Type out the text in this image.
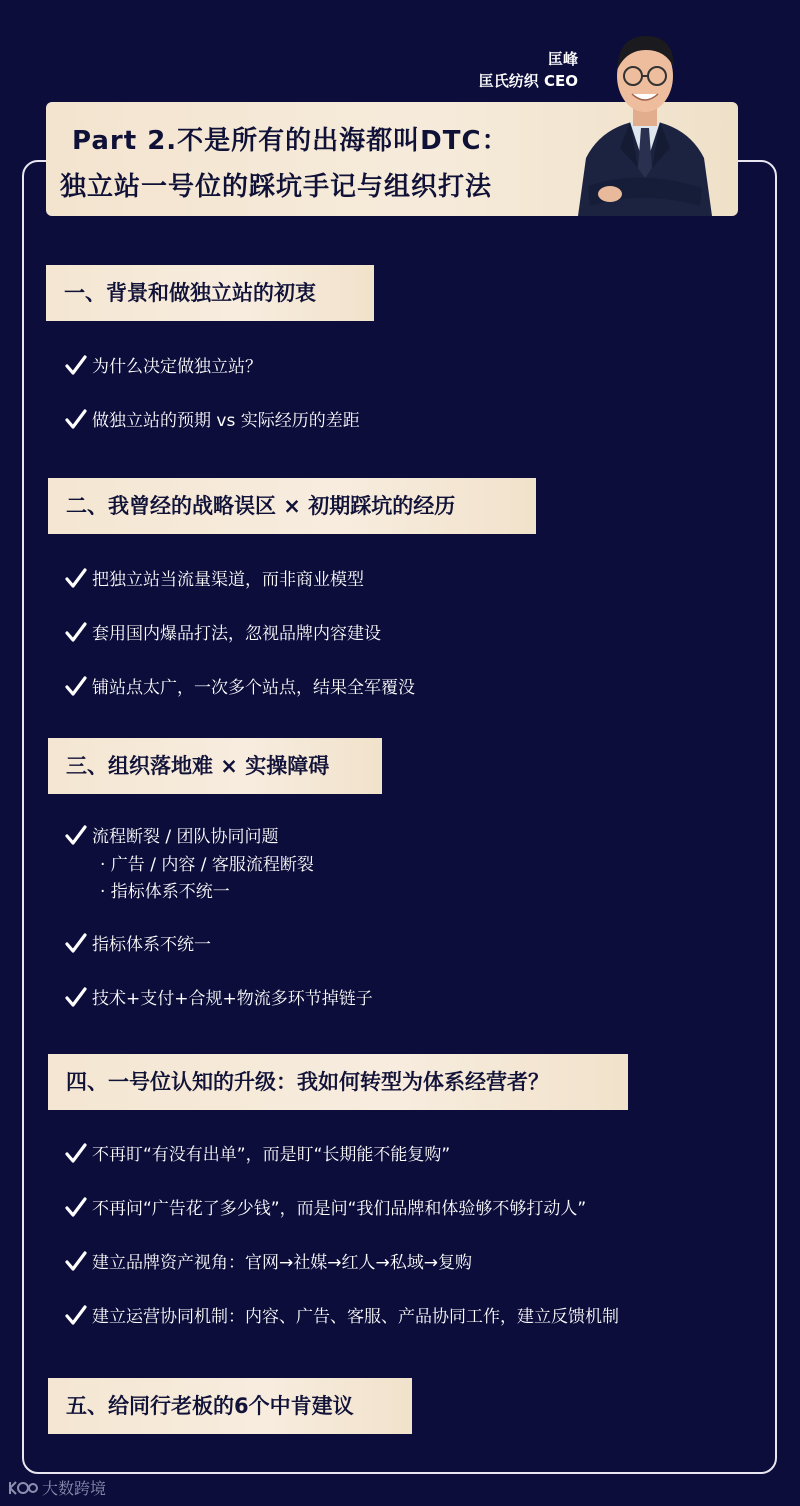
Part 2.不是所有的出海都叫DTC：
独立站一号位的踩坑手记与组织打法
匡峰
匡氏纺织 CEO
一、背景和做独立站的初衷
为什么决定做独立站？
做独立站的预期 vs 实际经历的差距
二、我曾经的战略误区 × 初期踩坑的经历
把独立站当流量渠道，而非商业模型
套用国内爆品打法，忽视品牌内容建设
铺站点太广，一次多个站点，结果全军覆没
三、组织落地难 × 实操障碍
流程断裂 / 团队协同问题
· 广告 / 内容 / 客服流程断裂
· 指标体系不统一
指标体系不统一
技术+支付+合规+物流多环节掉链子
四、一号位认知的升级：我如何转型为体系经营者？
不再盯“有没有出单”，而是盯“长期能不能复购”
不再问“广告花了多少钱”，而是问“我们品牌和体验够不够打动人”
建立品牌资产视角：官网→社媒→红人→私域→复购
建立运营协同机制：内容、广告、客服、产品协同工作，建立反馈机制
五、给同行老板的6个中肯建议
大数跨境
